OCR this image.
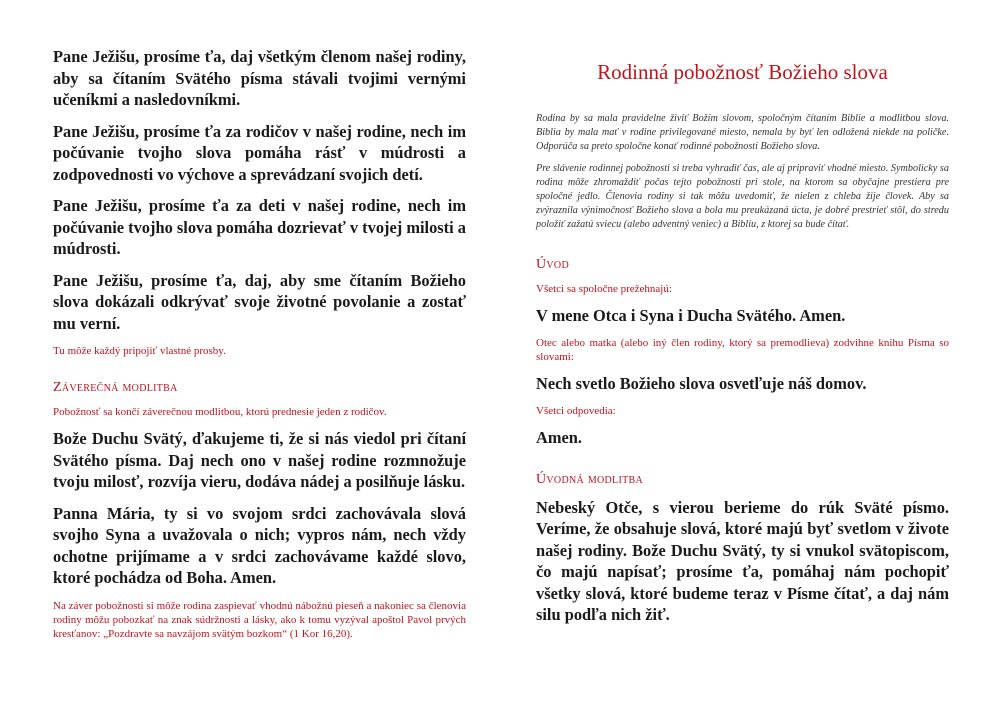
Pane Ježišu, prosíme ťa, daj všetkým členom našej rodiny, aby sa čítaním Svätého písma stávali tvojimi vernými učeníkmi a nasledovníkmi.

Pane Ježišu, prosíme ťa za rodičov v našej rodine, nech im počúvanie tvojho slova pomáha rásť v múdrosti a zodpovednosti vo výchove a sprevádzaní svojich detí.

Pane Ježišu, prosíme ťa za deti v našej rodine, nech im počúvanie tvojho slova pomáha dozrievať v tvojej milosti a múdrosti.

Pane Ježišu, prosíme ťa, daj, aby sme čítaním Božieho slova dokázali odkrývať svoje životné povolanie a zostať mu verní.

Tu môže každý pripojiť vlastné prosby.

Záverečná modlitba

Pobožnosť sa končí záverečnou modlitbou, ktorú prednesie jeden z rodičov.

Bože Duchu Svätý, ďakujeme ti, že si nás viedol pri čítaní Svätého písma. Daj nech ono v našej rodine rozmnožuje tvoju milosť, rozvíja vieru, dodáva nádej a posilňuje lásku.

Panna Mária, ty si vo svojom srdci zachovávala slová svojho Syna a uvažovala o nich; vypros nám, nech vždy ochotne prijímame a v srdci zachovávame každé slovo, ktoré pochádza od Boha. Amen.

Na záver pobožnosti si môže rodina zaspievať vhodnú nábožnú pieseň a nakoniec sa členovia rodiny môžu pobozkať na znak súdržnosti a lásky, ako k tomu vyzýval apoštol Pavol prvých kresťanov: „Pozdravte sa navzájom svätým bozkom“ (1 Kor 16,20).

Rodinná pobožnosť Božieho slova

Rodina by sa mala pravidelne živiť Božím slovom, spoločným čítaním Biblie a modlitbou slova. Biblia by mala mať v rodine privilegované miesto, nemala by byť len odložená niekde na poličke. Odporúča sa preto spoločne konať rodinné pobožnosti Božieho slova.

Pre slávenie rodinnej pobožnosti si treba vyhradiť čas, ale aj pripraviť vhodné miesto. Symbolicky sa rodina môže zhromaždiť počas tejto pobožnosti pri stole, na ktorom sa obyčajne prestiera pre spoločné jedlo. Členovia rodiny si tak môžu uvedomiť, že nielen z chleba žije človek. Aby sa zvýraznila výnimočnosť Božieho slova a bola mu preukázaná úcta, je dobré prestrieť stôl, do stredu položiť zažatú sviecu (alebo adventný veniec) a Bibliu, z ktorej sa bude čítať.

Úvod

Všetci sa spoločne prežehnajú:

V mene Otca i Syna i Ducha Svätého. Amen.

Otec alebo matka (alebo iný člen rodiny, ktorý sa premodlieva) zodvihne knihu Písma so slovami:

Nech svetlo Božieho slova osvetľuje náš domov.

Všetci odpovedia:

Amen.

Úvodná modlitba

Nebeský Otče, s vierou berieme do rúk Sväté písmo. Veríme, že obsahuje slová, ktoré majú byť svetlom v živote našej rodiny. Bože Duchu Svätý, ty si vnukol svätopiscom, čo majú napísať; prosíme ťa, pomáhaj nám pochopiť všetky slová, ktoré budeme teraz v Písme čítať, a daj nám silu podľa nich žiť.
